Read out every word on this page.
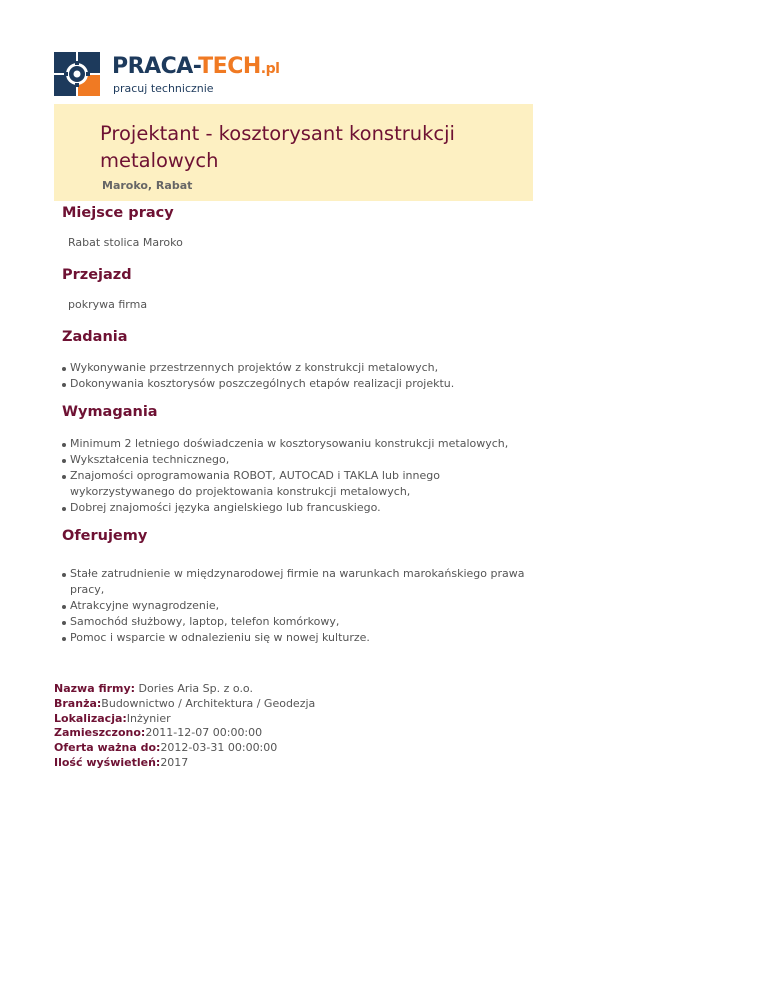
PRACA-TECH.pl
pracuj technicznie
Projektant - kosztorysant konstrukcji metalowych
Maroko, Rabat
Miejsce pracy
Rabat stolica Maroko
Przejazd
pokrywa firma
Zadania
Wykonywanie przestrzennych projektów z konstrukcji metalowych,
Dokonywania kosztorysów poszczególnych etapów realizacji projektu.
Wymagania
Minimum 2 letniego doświadczenia w kosztorysowaniu konstrukcji metalowych,
Wykształcenia technicznego,
Znajomości oprogramowania ROBOT, AUTOCAD i TAKLA lub innego wykorzystywanego do projektowania konstrukcji metalowych,
Dobrej znajomości języka angielskiego lub francuskiego.
Oferujemy
Stałe zatrudnienie w międzynarodowej firmie na warunkach marokańskiego prawa pracy,
Atrakcyjne wynagrodzenie,
Samochód służbowy, laptop, telefon komórkowy,
Pomoc i wsparcie w odnalezieniu się w nowej kulturze.
Nazwa firmy: Dories Aria Sp. z o.o.
Branża:Budownictwo / Architektura / Geodezja
Lokalizacja:Inżynier
Zamieszczono:2011-12-07 00:00:00
Oferta ważna do:2012-03-31 00:00:00
Ilość wyświetleń:2017
